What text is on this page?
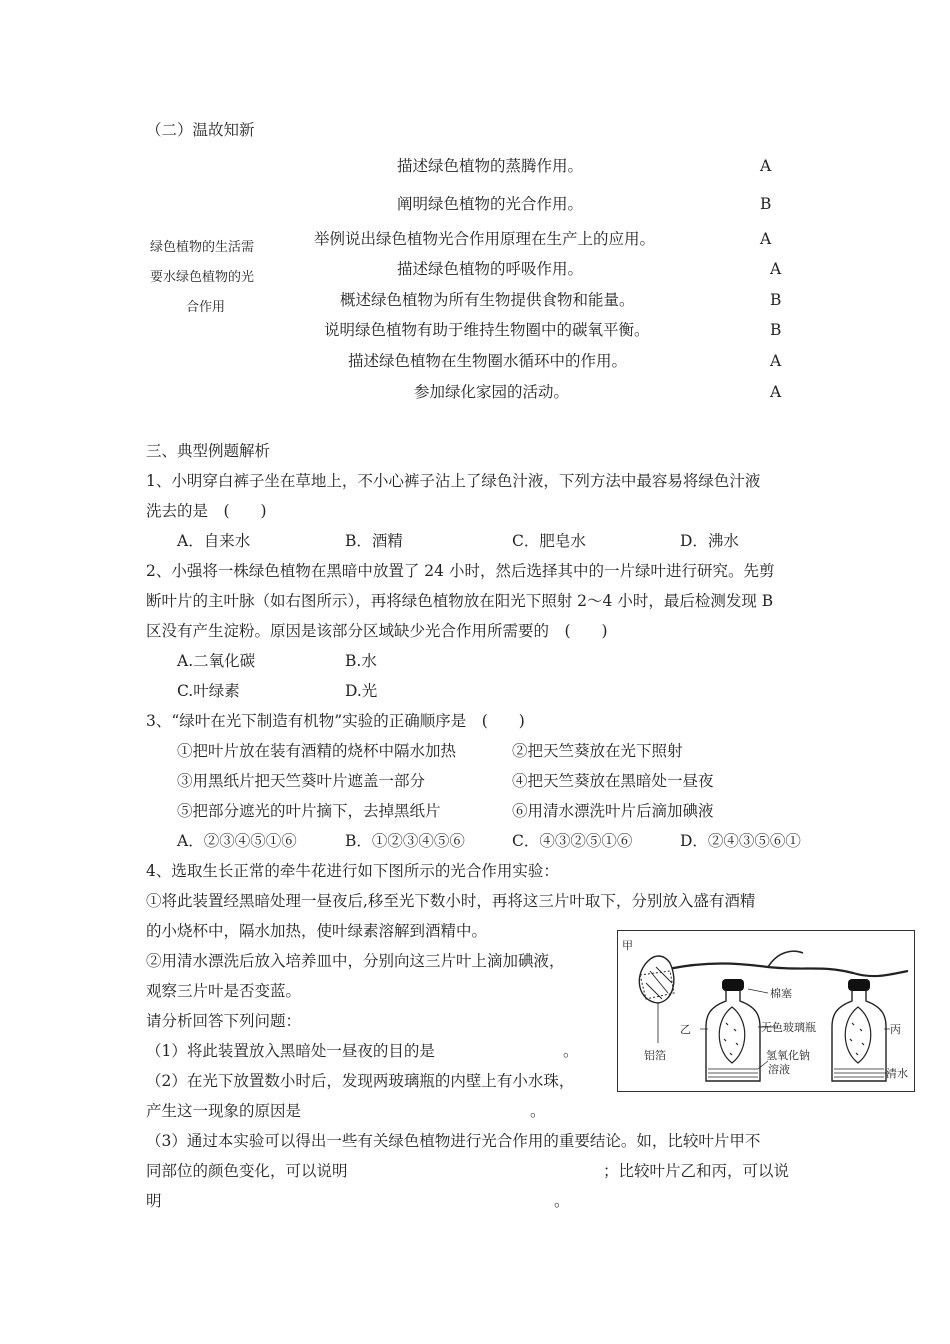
（二）温故知新
绿色植物的生活需
要水绿色植物的光
合作用
描述绿色植物的蒸腾作用。	A
阐明绿色植物的光合作用。	B
举例说出绿色植物光合作用原理在生产上的应用。	A
描述绿色植物的呼吸作用。	A
概述绿色植物为所有生物提供食物和能量。	B
说明绿色植物有助于维持生物圈中的碳氧平衡。	B
描述绿色植物在生物圈水循环中的作用。	A
参加绿化家园的活动。	A
三、典型例题解析
1、小明穿白裤子坐在草地上，不小心裤子沾上了绿色汁液，下列方法中最容易将绿色汁液
洗去的是　(　　)
A．自来水	B．酒精	C．肥皂水	D．沸水
2、小强将一株绿色植物在黑暗中放置了 24 小时，然后选择其中的一片绿叶进行研究。先剪
断叶片的主叶脉（如右图所示），再将绿色植物放在阳光下照射 2～4 小时，最后检测发现 B
区没有产生淀粉。原因是该部分区域缺少光合作用所需要的　(　　)
A.二氧化碳	B.水
C.叶绿素	D.光
3、“绿叶在光下制造有机物”实验的正确顺序是　(　　)
①把叶片放在装有酒精的烧杯中隔水加热	②把天竺葵放在光下照射
③用黑纸片把天竺葵叶片遮盖一部分	④把天竺葵放在黑暗处一昼夜
⑤把部分遮光的叶片摘下，去掉黑纸片	⑥用清水漂洗叶片后滴加碘液
A．②③④⑤①⑥	B．①②③④⑤⑥	C．④③②⑤①⑥	D．②④③⑤⑥①
4、选取生长正常的牵牛花进行如下图所示的光合作用实验：
①将此装置经黑暗处理一昼夜后,移至光下数小时，再将这三片叶取下，分别放入盛有酒精
的小烧杯中，隔水加热，使叶绿素溶解到酒精中。
②用清水漂洗后放入培养皿中，分别向这三片叶上滴加碘液，
观察三片叶是否变蓝。
请分析回答下列问题：
（1）将此装置放入黑暗处一昼夜的目的是	。
（2）在光下放置数小时后，发现两玻璃瓶的内壁上有小水珠，
产生这一现象的原因是	。
（3）通过本实验可以得出一些有关绿色植物进行光合作用的重要结论。如，比较叶片甲不
同部位的颜色变化，可以说明	；比较叶片乙和丙，可以说
明	。
甲
铝箔
乙
棉塞
无色玻璃瓶	丙
氢氧化钠
溶液	清水
